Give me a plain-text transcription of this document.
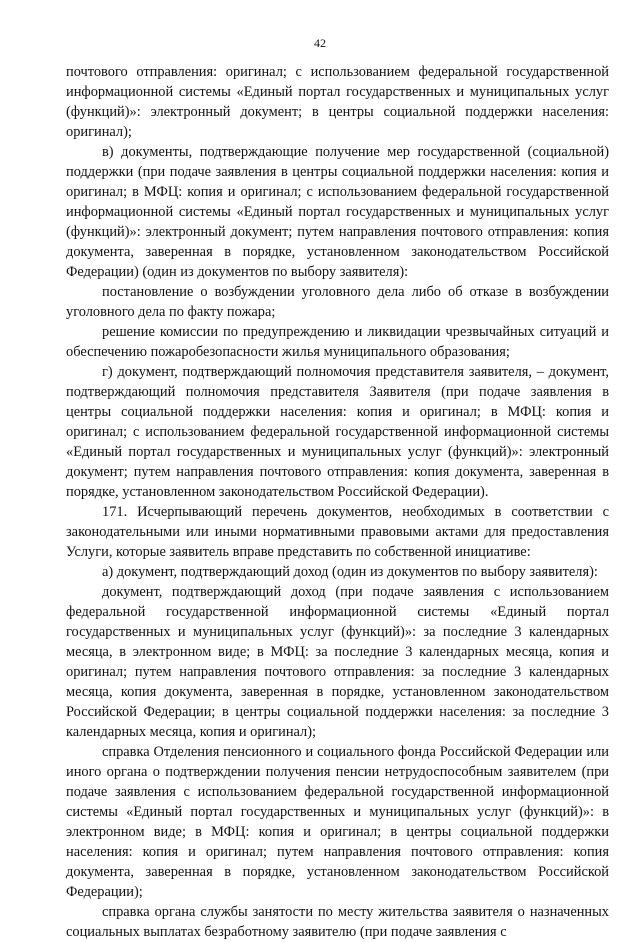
42

почтового отправления: оригинал; с использованием федеральной государственной информационной системы «Единый портал государственных и муниципальных услуг (функций)»: электронный документ; в центры социальной поддержки населения: оригинал);

в) документы, подтверждающие получение мер государственной (социальной) поддержки (при подаче заявления в центры социальной поддержки населения: копия и оригинал; в МФЦ: копия и оригинал; с использованием федеральной государственной информационной системы «Единый портал государственных и муниципальных услуг (функций)»: электронный документ; путем направления почтового отправления: копия документа, заверенная в порядке, установленном законодательством Российской Федерации) (один из документов по выбору заявителя):

постановление о возбуждении уголовного дела либо об отказе в возбуждении уголовного дела по факту пожара;

решение комиссии по предупреждению и ликвидации чрезвычайных ситуаций и обеспечению пожаробезопасности жилья муниципального образования;

г) документ, подтверждающий полномочия представителя заявителя, – документ, подтверждающий полномочия представителя Заявителя (при подаче заявления в центры социальной поддержки населения: копия и оригинал; в МФЦ: копия и оригинал; с использованием федеральной государственной информационной системы «Единый портал государственных и муниципальных услуг (функций)»: электронный документ; путем направления почтового отправления: копия документа, заверенная в порядке, установленном законодательством Российской Федерации).

171. Исчерпывающий перечень документов, необходимых в соответствии с законодательными или иными нормативными правовыми актами для предоставления Услуги, которые заявитель вправе представить по собственной инициативе:

а) документ, подтверждающий доход (один из документов по выбору заявителя):

документ, подтверждающий доход (при подаче заявления с использованием федеральной государственной информационной системы «Единый портал государственных и муниципальных услуг (функций)»: за последние 3 календарных месяца, в электронном виде; в МФЦ: за последние 3 календарных месяца, копия и оригинал; путем направления почтового отправления: за последние 3 календарных месяца, копия документа, заверенная в порядке, установленном законодательством Российской Федерации; в центры социальной поддержки населения: за последние 3 календарных месяца, копия и оригинал);

справка Отделения пенсионного и социального фонда Российской Федерации или иного органа о подтверждении получения пенсии нетрудоспособным заявителем (при подаче заявления с использованием федеральной государственной информационной системы «Единый портал государственных и муниципальных услуг (функций)»: в электронном виде; в МФЦ: копия и оригинал; в центры социальной поддержки населения: копия и оригинал; путем направления почтового отправления: копия документа, заверенная в порядке, установленном законодательством Российской Федерации);

справка органа службы занятости по месту жительства заявителя о назначенных социальных выплатах безработному заявителю (при подаче заявления с
